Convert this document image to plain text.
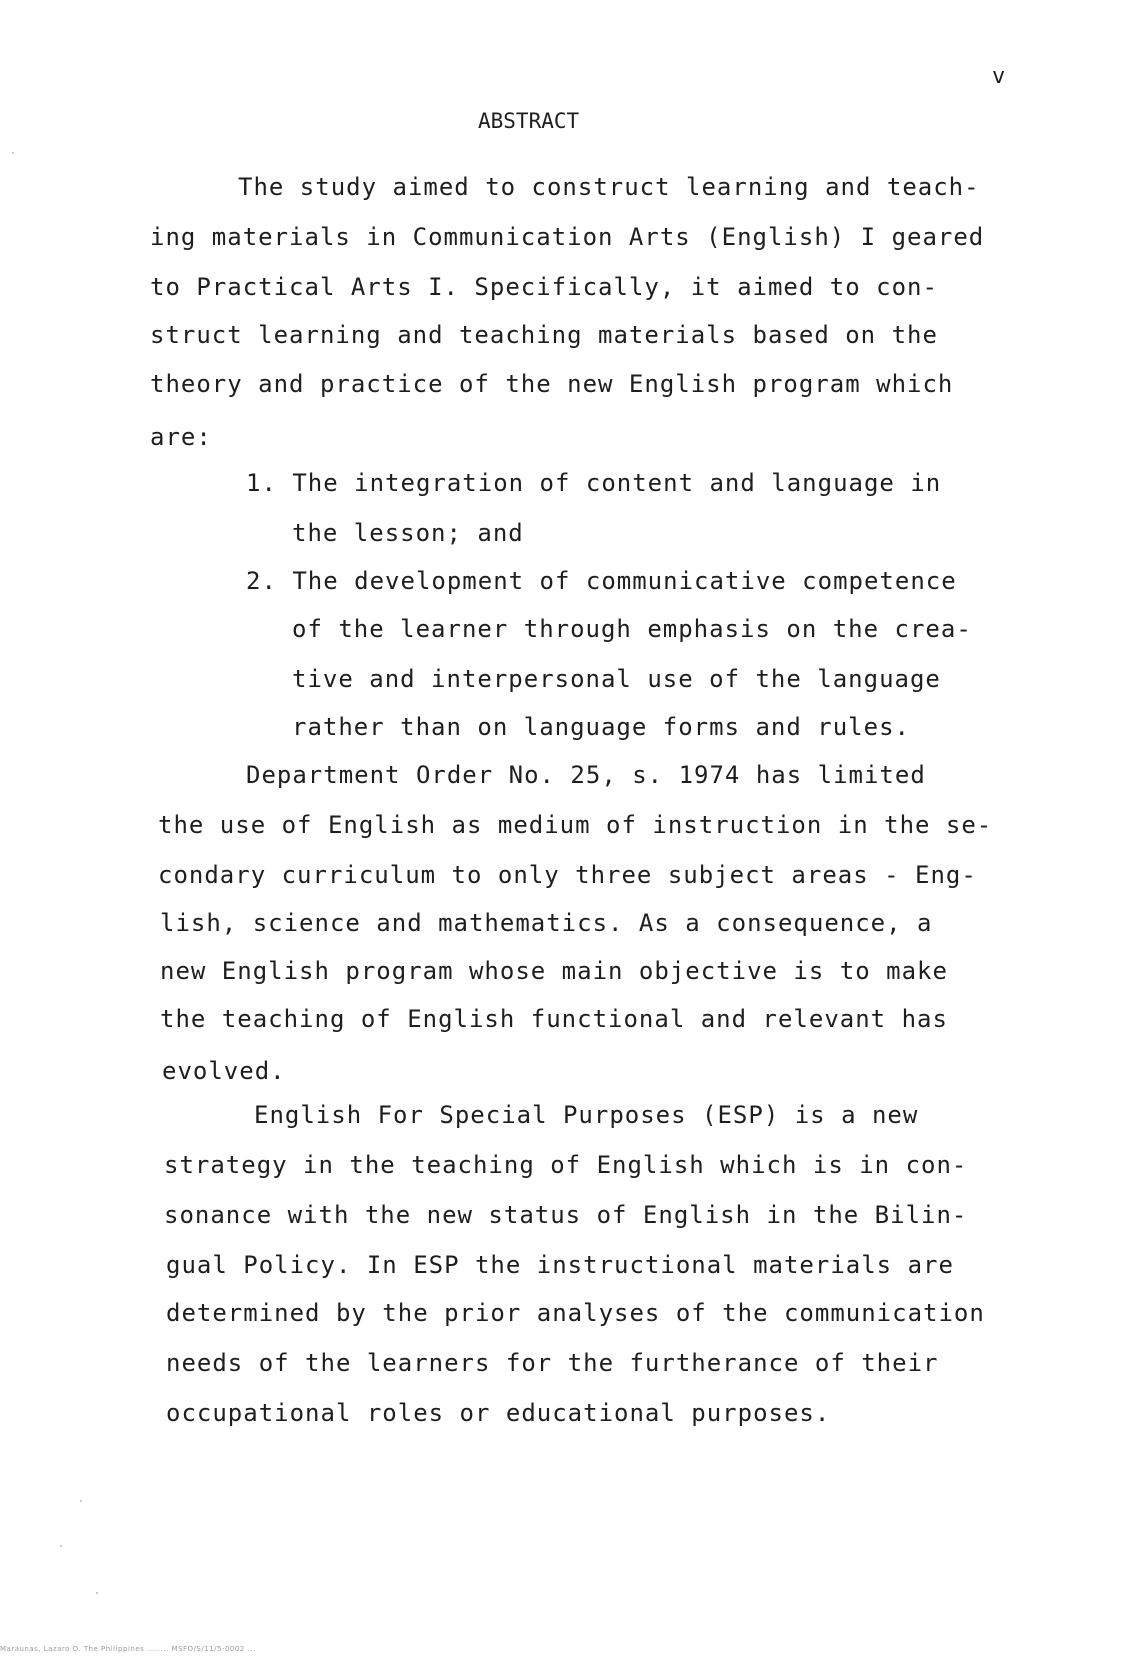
v
ABSTRACT
The study aimed to construct learning and teach-
ing materials in Communication Arts (English) I geared
to Practical Arts I. Specifically, it aimed to con-
struct learning and teaching materials based on the
theory and practice of the new English program which
are:
1. The integration of content and language in
the lesson; and
2. The development of communicative competence
of the learner through emphasis on the crea-
tive and interpersonal use of the language
rather than on language forms and rules.
Department Order No. 25, s. 1974 has limited
the use of English as medium of instruction in the se-
condary curriculum to only three subject areas - Eng-
lish, science and mathematics. As a consequence, a
new English program whose main objective is to make
the teaching of English functional and relevant has
evolved.
English For Special Purposes (ESP) is a new
strategy in the teaching of English which is in con-
sonance with the new status of English in the Bilin-
gual Policy. In ESP the instructional materials are
determined by the prior analyses of the communication
needs of the learners for the furtherance of their
occupational roles or educational purposes.
Maraunas, Lazaro O. The Philippines ........ MSFO/S/11/5-0002 ...
